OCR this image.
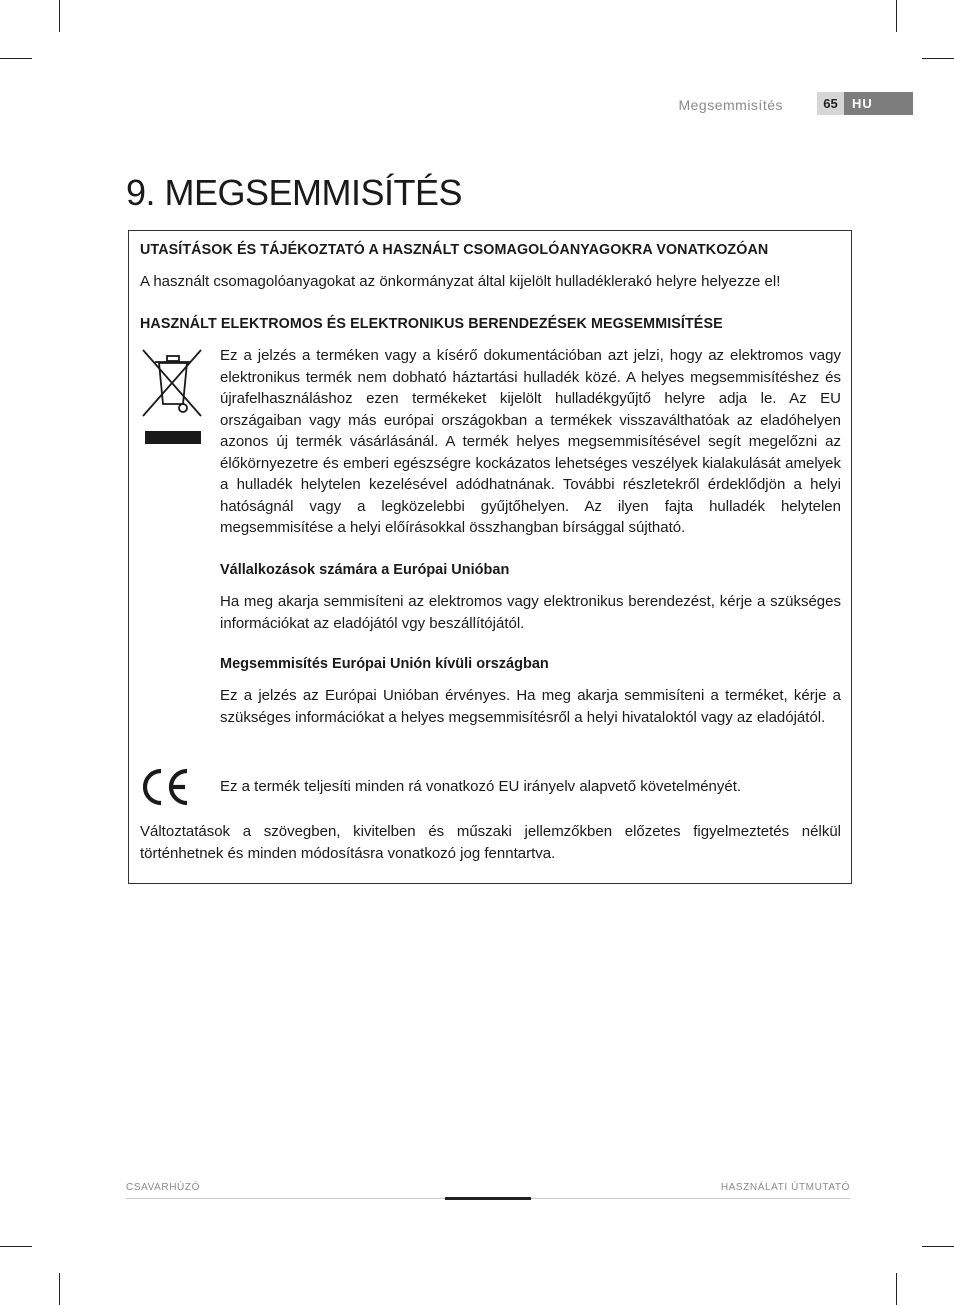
Megsemmisítés	65	HU
9. MEGSEMMISÍTÉS
UTASÍTÁSOK ÉS TÁJÉKOZTATÓ A HASZNÁLT CSOMAGOLÓANYAGOKRA VONATKOZÓAN
A használt csomagolóanyagokat az önkormányzat által kijelölt hulladéklerakó helyre helyezze el!
HASZNÁLT ELEKTROMOS ÉS ELEKTRONIKUS BERENDEZÉSEK MEGSEMMISÍTÉSE
Ez a jelzés a terméken vagy a kísérő dokumentációban azt jelzi, hogy az elektromos vagy elektronikus termék nem dobható háztartási hulladék közé. A helyes megsemmisítéshez és újrafelhasználáshoz ezen termékeket kijelölt hulladékgyűjtő helyre adja le. Az EU országaiban vagy más európai országokban a termékek visszaválthatóak az eladóhelyen azonos új termék vásárlásánál. A termék helyes megsemmisítésével segít megelőzni az élőkörnyezetre és emberi egészségre kockázatos lehetséges veszélyek kialakulását amelyek a hulladék helytelen kezelésével adódhatnának. További részletekről érdeklődjön a helyi hatóságnál vagy a legközelebbi gyűjtőhelyen. Az ilyen fajta hulladék helytelen megsemmisítése a helyi előírásokkal összhangban bírsággal sújtható.
Vállalkozások számára a Európai Unióban
Ha meg akarja semmisíteni az elektromos vagy elektronikus berendezést, kérje a szükséges információkat az eladójától vgy beszállítójától.
Megsemmisítés Európai Unión kívüli országban
Ez a jelzés az Európai Unióban érvényes. Ha meg akarja semmisíteni a terméket, kérje a szükséges információkat a helyes megsemmisítésről a helyi hivataloktól vagy az eladójától.
Ez a termék teljesíti minden rá vonatkozó EU irányelv alapvető követelményét.
Változtatások a szövegben, kivitelben és műszaki jellemzőkben előzetes figyelmeztetés nélkül történhetnek és minden módosításra vonatkozó jog fenntartva.
CSAVARHÚZÓ	HASZNÁLATI ÚTMUTATÓ
